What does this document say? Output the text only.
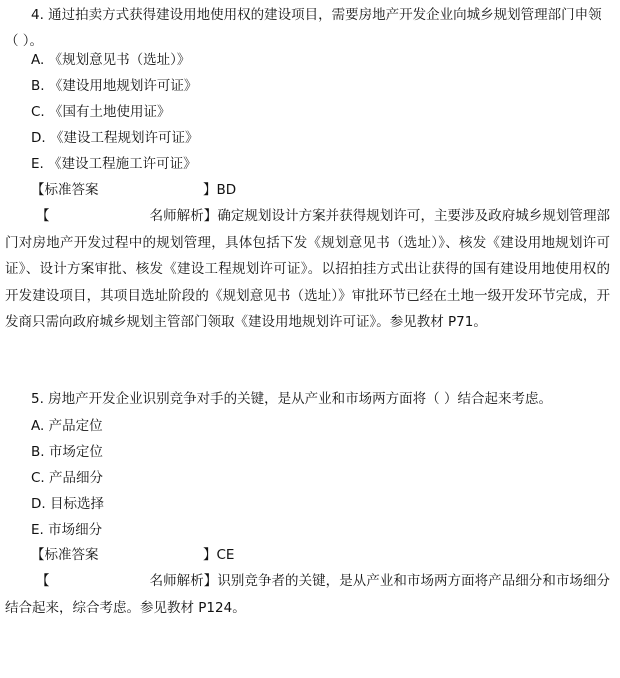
4. 通过拍卖方式获得建设用地使用权的建设项目，需要房地产开发企业向城乡规划管理部门申领（ ）。
A. 《规划意见书（选址）》
B. 《建设用地规划许可证》
C. 《国有土地使用证》
D. 《建设工程规划许可证》
E. 《建设工程施工许可证》
【标准答案	】BD
【	名师解析】确定规划设计方案并获得规划许可，主要涉及政府城乡规划管理部门对房地产开发过程中的规划管理，具体包括下发《规划意见书（选址）》、核发《建设用地规划许可证》、设计方案审批、核发《建设工程规划许可证》。以招拍挂方式出让获得的国有建设用地使用权的开发建设项目，其项目选址阶段的《规划意见书（选址）》审批环节已经在土地一级开发环节完成，开发商只需向政府城乡规划主管部门领取《建设用地规划许可证》。参见教材 P71。
5. 房地产开发企业识别竞争对手的关键，是从产业和市场两方面将（ ）结合起来考虑。
A. 产品定位
B. 市场定位
C. 产品细分
D. 目标选择
E. 市场细分
【标准答案	】CE
【	名师解析】识别竞争者的关键，是从产业和市场两方面将产品细分和市场细分结合起来，综合考虑。参见教材 P124。
